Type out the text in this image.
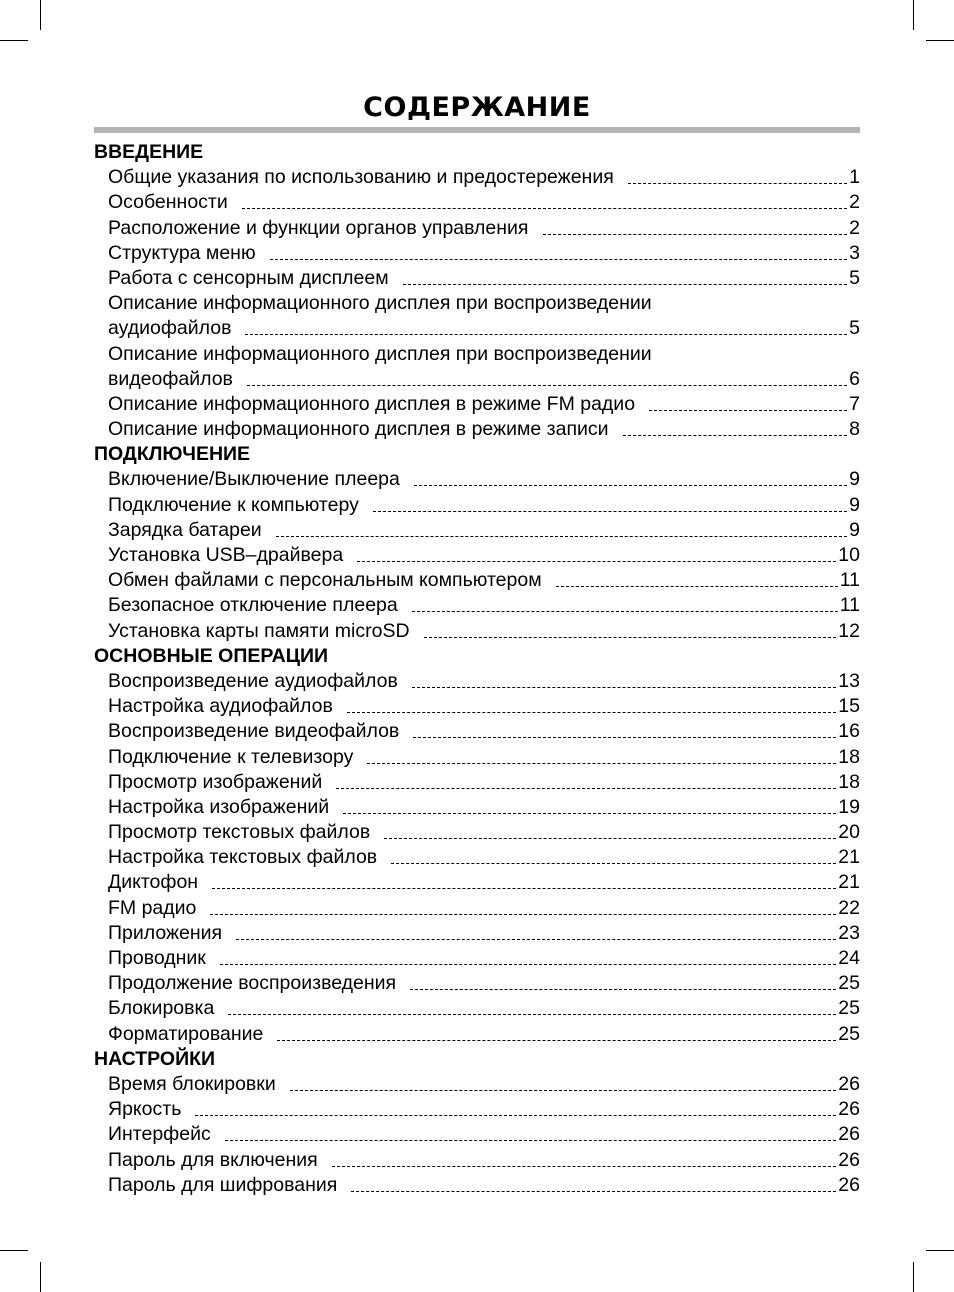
СОДЕРЖАНИЕ
ВВЕДЕНИЕ
Общие указания по использованию и предостережения	1
Особенности	2
Расположение и функции органов управления	2
Структура меню	3
Работа с сенсорным дисплеем	5
Описание информационного дисплея при воспроизведении
аудиофайлов	5
Описание информационного дисплея при воспроизведении
видеофайлов	6
Описание информационного дисплея в режиме FM радио	7
Описание информационного дисплея в режиме записи	8
ПОДКЛЮЧЕНИЕ
Включение/Выключение плеера	9
Подключение к компьютеру	9
Зарядка батареи	9
Установка USB–драйвера	10
Обмен файлами с персональным компьютером	11
Безопасное отключение плеера	11
Установка карты памяти microSD	12
ОСНОВНЫЕ ОПЕРАЦИИ
Воспроизведение аудиофайлов	13
Настройка аудиофайлов	15
Воспроизведение видеофайлов	16
Подключение к телевизору	18
Просмотр изображений	18
Настройка изображений	19
Просмотр текстовых файлов	20
Настройка текстовых файлов	21
Диктофон	21
FM радио	22
Приложения	23
Проводник	24
Продолжение воспроизведения	25
Блокировка	25
Форматирование	25
НАСТРОЙКИ
Время блокировки	26
Яркость	26
Интерфейс	26
Пароль для включения	26
Пароль для шифрования	26
